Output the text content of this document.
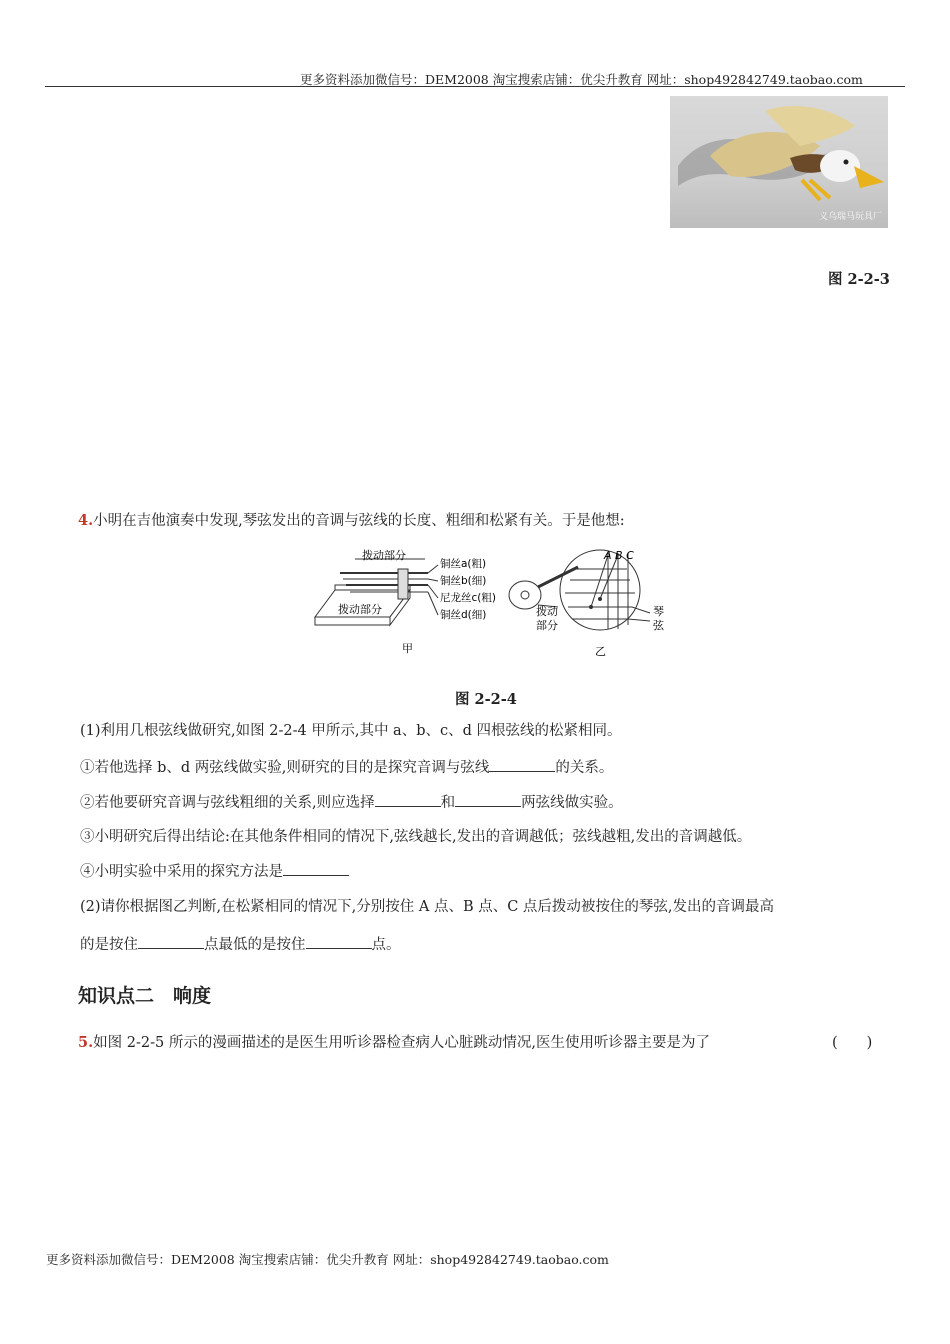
更多资料添加微信号：DEM2008 淘宝搜索店铺：优尖升教育 网址：shop492842749.taobao.com
义乌瑞马玩具厂
图 2-2-3
4.小明在吉他演奏中发现,琴弦发出的音调与弦线的长度、粗细和松紧有关。于是他想:
拨动部分
拨动部分
铜丝a(粗)
铜丝b(细)
尼龙丝c(粗)
铜丝d(细)
甲
A B C
拨动
部分
琴
弦
乙
图 2-2-4
(1)利用几根弦线做研究,如图 2-2-4 甲所示,其中 a、b、c、d 四根弦线的松紧相同。
①若他选择 b、d 两弦线做实验,则研究的目的是探究音调与弦线	的关系。
②若他要研究音调与弦线粗细的关系,则应选择	和	两弦线做实验。
③小明研究后得出结论:在其他条件相同的情况下,弦线越长,发出的音调越低；弦线越粗,发出的音调越低。
④小明实验中采用的探究方法是
(2)请你根据图乙判断,在松紧相同的情况下,分别按住 A 点、B 点、C 点后拨动被按住的琴弦,发出的音调最高
的是按住	点最低的是按住	点。
知识点二　响度
5.如图 2-2-5 所示的漫画描述的是医生用听诊器检查病人心脏跳动情况,医生使用听诊器主要是为了	(　　)
更多资料添加微信号：DEM2008 淘宝搜索店铺：优尖升教育 网址：shop492842749.taobao.com
